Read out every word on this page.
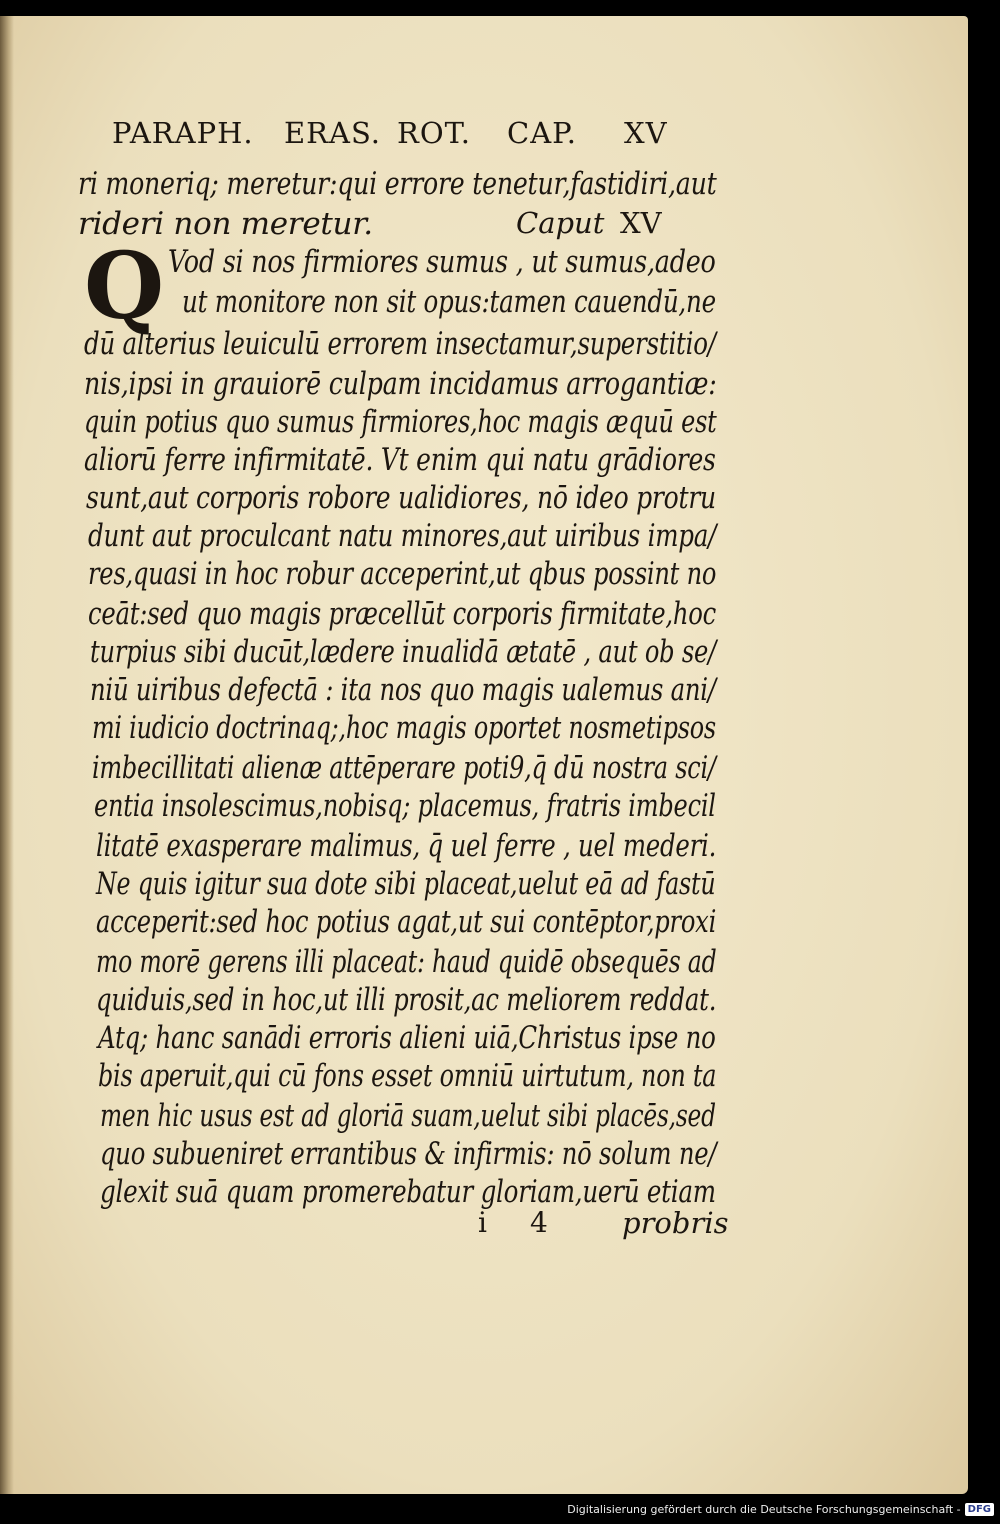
PARAPH. ERAS. ROT. CAP. XV
Caput XV
Q
ri moneriq; meretur:qui errore tenetur,fastidiri,aut
rideri non meretur.
Vod si nos firmiores sumus , ut sumus,adeo
ut monitore non sit opus:tamen cauendū,ne
dū alterius leuiculū errorem insectamur,superstitio/
nis,ipsi in grauiorē culpam incidamus arrogantiæ:
quin potius quo sumus firmiores,hoc magis æquū est
aliorū ferre infirmitatē. Vt enim qui natu grādiores
sunt,aut corporis robore ualidiores, nō ideo protru
dunt aut proculcant natu minores,aut uiribus impa/
res,quasi in hoc robur acceperint,ut qbus possint no
ceāt:sed quo magis præcellūt corporis firmitate,hoc
turpius sibi ducūt,lædere inualidā ætatē , aut ob se/
niū uiribus defectā : ita nos quo magis ualemus ani/
mi iudicio doctrinaq;,hoc magis oportet nosmetipsos
imbecillitati alienæ attēperare poti9,q̄ dū nostra sci/
entia insolescimus,nobisq; placemus, fratris imbecil
litatē exasperare malimus, q̄ uel ferre , uel mederi.
Ne quis igitur sua dote sibi placeat,uelut eā ad fastū
acceperit:sed hoc potius agat,ut sui contēptor,proxi
mo morē gerens illi placeat: haud quidē obsequēs ad
quiduis,sed in hoc,ut illi prosit,ac meliorem reddat.
Atq; hanc sanādi erroris alieni uiā,Christus ipse no
bis aperuit,qui cū fons esset omniū uirtutum, non ta
men hic usus est ad gloriā suam,uelut sibi placēs,sed
quo subueniret errantibus & infirmis: nō solum ne/
glexit suā quam promerebatur gloriam,uerū etiam
i 4	probris
Digitalisierung gefördert durch die Deutsche Forschungsgemeinschaft - DFG
